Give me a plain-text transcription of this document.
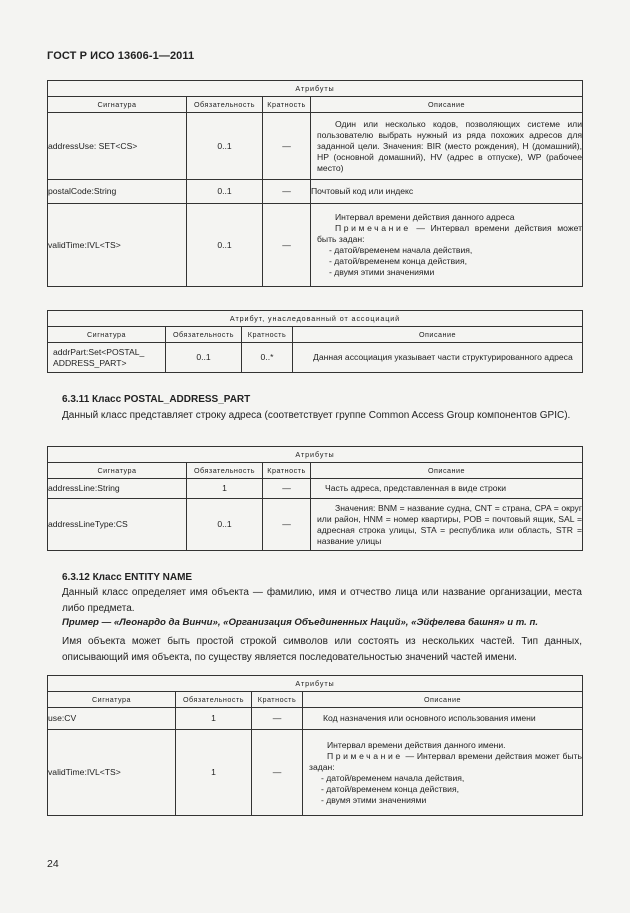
ГОСТ Р ИСО 13606-1—2011
Атрибуты			
Сигнатура	Обязательность	Кратность	Описание
addressUse: SET<CS>	0..1	—	Один или несколько кодов, позволяющих системе или пользователю выбрать нужный из ряда похожих адресов для заданной цели. Значения: BIR (место рождения), H (домашний), HP (основной домашний), HV (адрес в отпуске), WP (рабочее место)

postalCode:String	0..1	—	Почтовый код или индекс
validTime:IVL<TS>	0..1	—	Интервал времени действия данного адреса
Примечание — Интервал времени действия может быть задан:
- датой/временем начала действия,
- датой/временем конца действия,
- двумя этими значениями
Атрибут, унаследованный от ассоциаций			
Сигнатура	Обязательность	Кратность	Описание
addrPart:Set<POSTAL_
ADDRESS_PART>	0..1	0..*	Данная ассоциация указывает части структурированного адреса
6.3.11 Класс POSTAL_ADDRESS_PART
Данный класс представляет строку адреса (соответствует группе Common Access Group компонентов GPIC).
Атрибуты			
Сигнатура	Обязательность	Кратность	Описание
addressLine:String	1	—	Часть адреса, представленная в виде строки
addressLineType:CS	0..1	—	Значения: BNM = название судна, CNT = страна, CPA = округ или район, HNM = номер квартиры, POB = почтовый ящик, SAL = адресная строка улицы, STA = республика или область, STR = название улицы
6.3.12 Класс ENTITY NAME
Данный класс определяет имя объекта — фамилию, имя и отчество лица или название организации, места либо предмета.
Пример — «Леонардо да Винчи», «Организация Объединенных Наций», «Эйфелева башня» и т. п.
Имя объекта может быть простой строкой символов или состоять из нескольких частей. Тип данных, описывающий имя объекта, по существу является последовательностью значений частей имени.
Атрибуты			
Сигнатура	Обязательность	Кратность	Описание
use:CV	1	—	Код назначения или основного использования имени
validTime:IVL<TS>	1	—	Интервал времени действия данного имени.
Примечание — Интервал времени действия может быть задан:
- датой/временем начала действия,
- датой/временем конца действия,
- двумя этими значениями
24
